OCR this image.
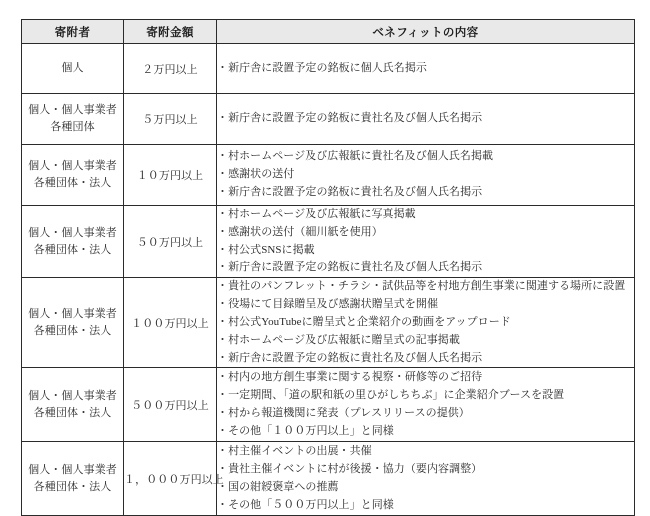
寄附者	寄附金額	ベネフィットの内容

個人	２万円以上	・ 新庁舎に設置予定の銘板に個人氏名掲示

個人・個人事業者
各種団体	５万円以上	・ 新庁舎に設置予定の銘板に貴社名及び個人氏名掲示

個人・個人事業者
各種団体・法人	１０万円以上	・ 村ホームページ及び広報紙に貴社名及び個人氏名掲載
・ 感謝状の送付
・ 新庁舎に設置予定の銘板に貴社名及び個人氏名掲示

個人・個人事業者
各種団体・法人	５０万円以上	・ 村ホームページ及び広報紙に写真掲載
・ 感謝状の送付（細川紙を使用）
・ 村公式SNSに掲載
・ 新庁舎に設置予定の銘板に貴社名及び個人氏名掲示

個人・個人事業者
各種団体・法人	１００万円以上	・ 貴社のパンフレット・チラシ・試供品等を村地方創生事業に関連する場所に設置
・ 役場にて目録贈呈及び感謝状贈呈式を開催
・ 村公式YouTubeに贈呈式と企業紹介の動画をアップロード
・ 村ホームページ及び広報紙に贈呈式の記事掲載
・ 新庁舎に設置予定の銘板に貴社名及び個人氏名掲示

個人・個人事業者
各種団体・法人	５００万円以上	・ 村内の地方創生事業に関する視察・研修等のご招待
・ 一定期間、「道の駅和紙の里ひがしちちぶ」に企業紹介ブースを設置
・ 村から報道機関に発表（プレスリリースの提供）
・ その他「１００万円以上」と同様

個人・個人事業者
各種団体・法人	１，０００万円以上	・ 村主催イベントの出展・共催
・ 貴社主催イベントに村が後援・協力（要内容調整）
・ 国の紺綬褒章への推薦
・ その他「５００万円以上」と同様
